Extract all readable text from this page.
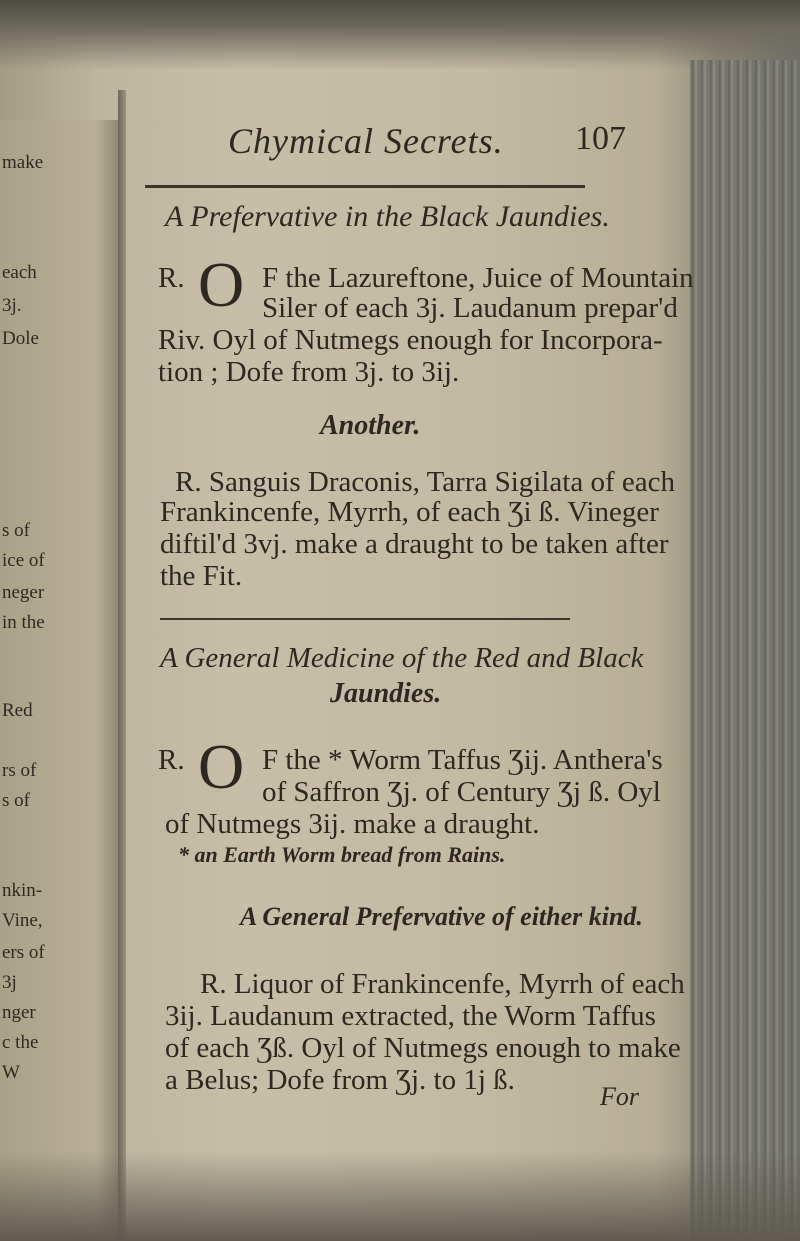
make
each
3j.
Dole
s of
ice of
neger
in the
Red
rs of
s of
nkin-
Vine,
ers of
3j
nger
c the
W
Chymical Secrets. 107
A Prefervative in the Black Jaundies.
R. O F the Lazureftone, Juice of Mountain
Siler of each 3j. Laudanum prepar'd
Riv. Oyl of Nutmegs enough for Incorpora-
tion ; Dofe from 3j. to 3ij.
Another.
R. Sanguis Draconis, Tarra Sigilata of each
Frankincenfe, Myrrh, of each Ʒi ß. Vineger
diftil'd 3vj. make a draught to be taken after
the Fit.
A General Medicine of the Red and Black
Jaundies.
R. O F the * Worm Taffus Ʒij. Anthera's
of Saffron Ʒj. of Century Ʒj ß. Oyl
of Nutmegs 3ij. make a draught.
* an Earth Worm bread from Rains.
A General Prefervative of either kind.
R. Liquor of Frankincenfe, Myrrh of each
3ij. Laudanum extracted, the Worm Taffus
of each Ʒß. Oyl of Nutmegs enough to make
a Belus; Dofe from Ʒj. to 1j ß.
For
